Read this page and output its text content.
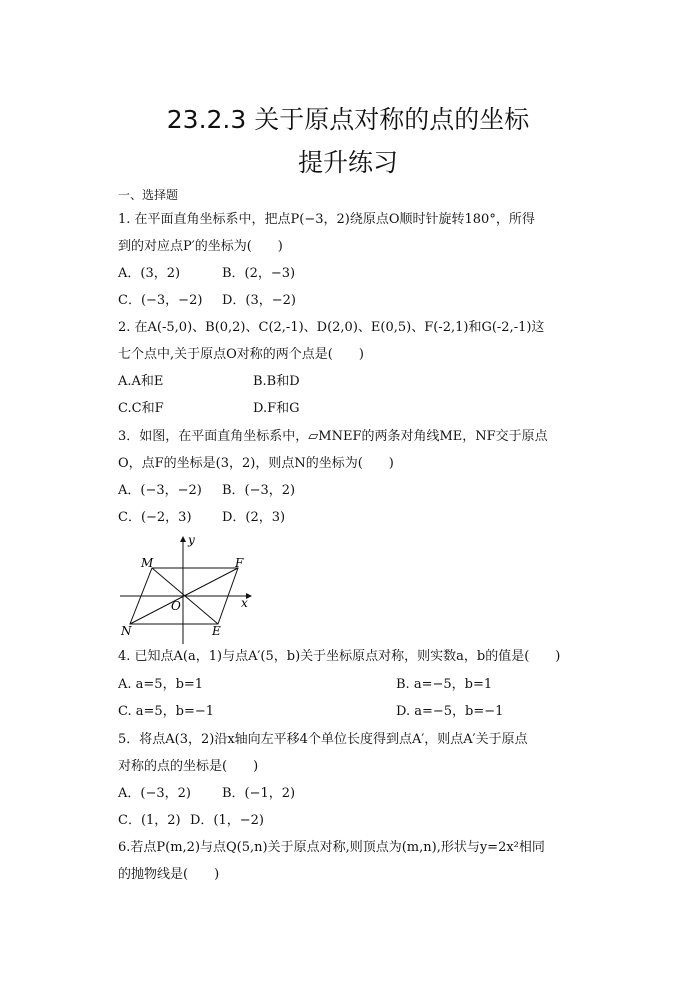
23.2.3 关于原点对称的点的坐标
提升练习
一、选择题
1. 在平面直角坐标系中，把点P(−3，2)绕原点O顺时针旋转180°，所得
到的对应点P′的坐标为(　　)
A．(3，2)	B．(2，−3)
C．(−3，−2) D．(3，−2)
2. 在A(-5,0)、B(0,2)、C(2,-1)、D(2,0)、E(0,5)、F(-2,1)和G(-2,-1)这
七个点中,关于原点O对称的两个点是(　　)
A.A和E	B.B和D
C.C和F	D.F和G
3．如图，在平面直角坐标系中，▱MNEF的两条对角线ME，NF交于原点
O，点F的坐标是(3，2)，则点N的坐标为(　　)
A．(−3，−2) B．(−3，2)
C．(−2，3) D．(2，3)
M	F
N	E
O	x
y
4. 已知点A(a，1)与点A′(5，b)关于坐标原点对称，则实数a，b的值是(　　)
A. a=5，b=1	B. a=−5，b=1
C. a=5，b=−1	D. a=−5，b=−1
5．将点A(3，2)沿x轴向左平移4个单位长度得到点A′，则点A′关于原点
对称的点的坐标是(　　)
A．(−3，2) B．(−1，2)
C．(1，2) D．(1，−2)
6.若点P(m,2)与点Q(5,n)关于原点对称,则顶点为(m,n),形状与y=2x²相同
的抛物线是(　　)
